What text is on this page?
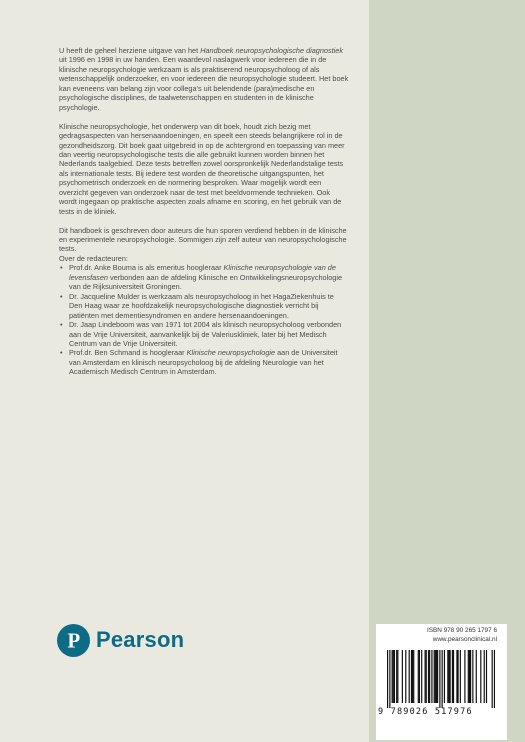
U heeft de geheel herziene uitgave van het Handboek neuropsychologische diagnostiek uit 1996 en 1998 in uw handen. Een waardevol naslagwerk voor iedereen die in de klinische neuropsychologie werkzaam is als praktiserend neuropsycholoog of als wetenschappelijk onderzoeker, en voor iedereen die neuropsychologie studeert. Het boek kan eveneens van belang zijn voor collega’s uit belendende (para)medische en psychologische disciplines, de taalwetenschappen en studenten in de klinische psychologie.

Klinische neuropsychologie, het onderwerp van dit boek, houdt zich bezig met gedragsaspecten van hersenaandoeningen, en speelt een steeds belangrijkere rol in de gezondheidszorg. Dit boek gaat uitgebreid in op de achtergrond en toepassing van meer dan veertig neuropsychologische tests die alle gebruikt kunnen worden binnen het Nederlands taalgebied. Deze tests betreffen zowel oorspronkelijk Nederlandstalige tests als internationale tests. Bij iedere test worden de theoretische uitgangspunten, het psychometrisch onderzoek en de normering besproken. Waar mogelijk wordt een overzicht gegeven van onderzoek naar de test met beeldvormende technieken. Ook wordt ingegaan op praktische aspecten zoals afname en scoring, en het gebruik van de tests in de kliniek.

Dit handboek is geschreven door auteurs die hun sporen verdiend hebben in de klinische en experimentele neuropsychologie. Sommigen zijn zelf auteur van neuropsychologische tests.

Over de redacteuren:

• Prof.dr. Anke Bouma is als emeritus hoogleraar Klinische neuropsychologie van de levensfasen verbonden aan de afdeling Klinische en Ontwikkelingsneuropsychologie van de Rijksuniversiteit Groningen.
• Dr. Jacqueline Mulder is werkzaam als neuropsycholoog in het HagaZiekenhuis te Den Haag waar ze hoofdzakelijk neuropsychologische diagnostiek verricht bij patiënten met dementiesyndromen en andere hersenaandoeningen.
• Dr. Jaap Lindeboom was van 1971 tot 2004 als klinisch neuropsycholoog verbonden aan de Vrije Universiteit, aanvankelijk bij de Valeriuskliniek, later bij het Medisch Centrum van de Vrije Universiteit.
• Prof.dr. Ben Schmand is hoogleraar Klinische neuropsychologie aan de Universiteit van Amsterdam en klinisch neuropsycholoog bij de afdeling Neurologie van het Academisch Medisch Centrum in Amsterdam.
P Pearson	ISBN 978 90 265 1797 6
www.pearsonclinical.nl
9 789026 517976
